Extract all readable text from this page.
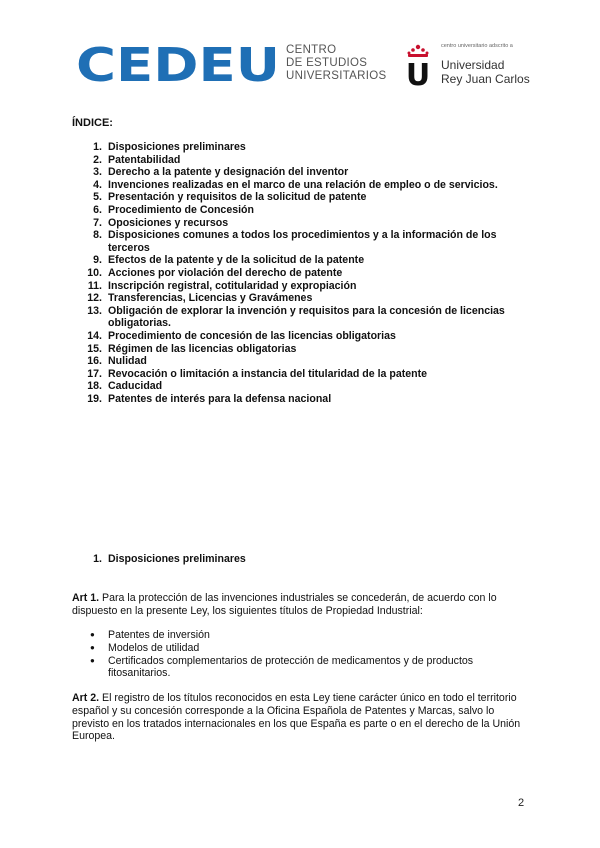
CEDEU CENTRO
DE ESTUDIOS
UNIVERSITARIOS U
centro universitario adscrito a
Universidad
Rey Juan Carlos
ÍNDICE:
1. Disposiciones preliminares
2. Patentabilidad
3. Derecho a la patente y designación del inventor
4. Invenciones realizadas en el marco de una relación de empleo o de servicios.
5. Presentación y requisitos de la solicitud de patente
6. Procedimiento de Concesión
7. Oposiciones y recursos
8. Disposiciones comunes a todos los procedimientos y a la información de los terceros
9. Efectos de la patente y de la solicitud de la patente
10. Acciones por violación del derecho de patente
11. Inscripción registral, cotitularidad y expropiación
12. Transferencias, Licencias y Gravámenes
13. Obligación de explorar la invención y requisitos para la concesión de licencias obligatorias.
14. Procedimiento de concesión de las licencias obligatorias
15. Régimen de las licencias obligatorias
16. Nulidad
17. Revocación o limitación a instancia del titularidad de la patente
18. Caducidad
19. Patentes de interés para la defensa nacional
1. Disposiciones preliminares

Art 1. Para la protección de las invenciones industriales se concederán, de acuerdo con lo dispuesto en la presente Ley, los siguientes títulos de Propiedad Industrial:

●	Patentes de inversión
●	Modelos de utilidad
●	Certificados complementarios de protección de medicamentos y de productos fitosanitarios.

Art 2. El registro de los títulos reconocidos en esta Ley tiene carácter único en todo el territorio español y su concesión corresponde a la Oficina Española de Patentes y Marcas, salvo lo previsto en los tratados internacionales en los que España es parte o en el derecho de la Unión Europea.

2
